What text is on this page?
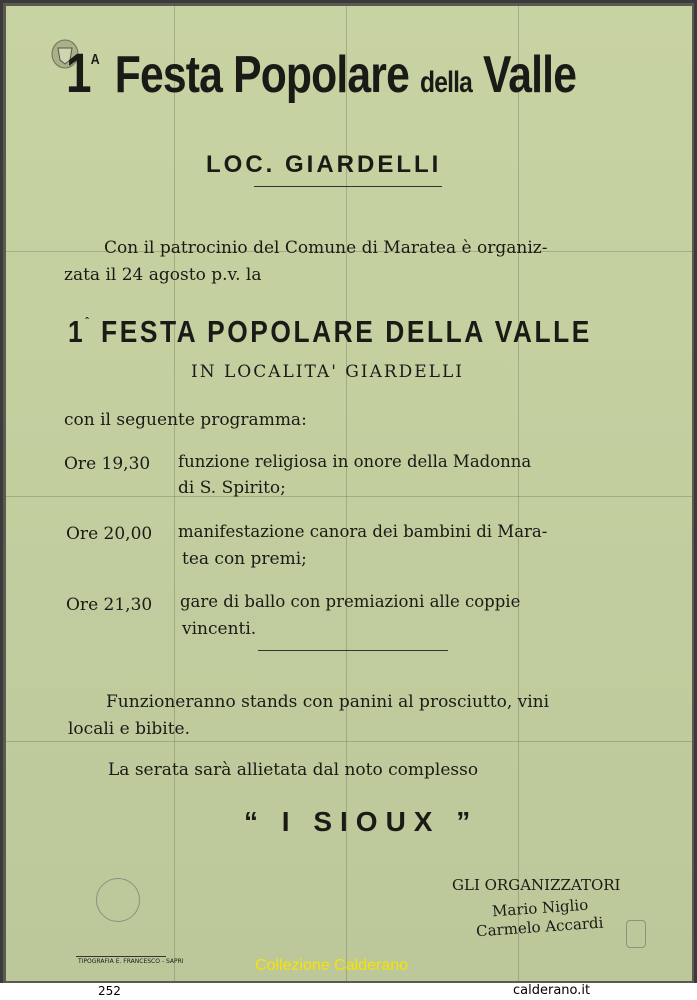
$1^A$ Festa Popolare della Valle
LOC. GIARDELLI
Con il patrocinio del Comune di Maratea è organiz-
zata il 24 agosto p.v. la
$1^ˆ$ FESTA POPOLARE DELLA VALLE
IN LOCALITA' GIARDELLI
con il seguente programma:
Ore 19,30 funzione religiosa in onore della Madonna
di S. Spirito;
Ore 20,00 manifestazione canora dei bambini di Mara-
tea con premi;
Ore 21,30 gare di ballo con premiazioni alle coppie
vincenti.
Funzioneranno stands con panini al prosciutto, vini
locali e bibite.
La serata sarà allietata dal noto complesso
“ I SIOUX ”
GLI ORGANIZZATORI
Mario Niglio
Carmelo Accardi
TIPOGRAFIA E. FRANCESCO - SAPRI	Collezione Calderano
252	calderano.it
